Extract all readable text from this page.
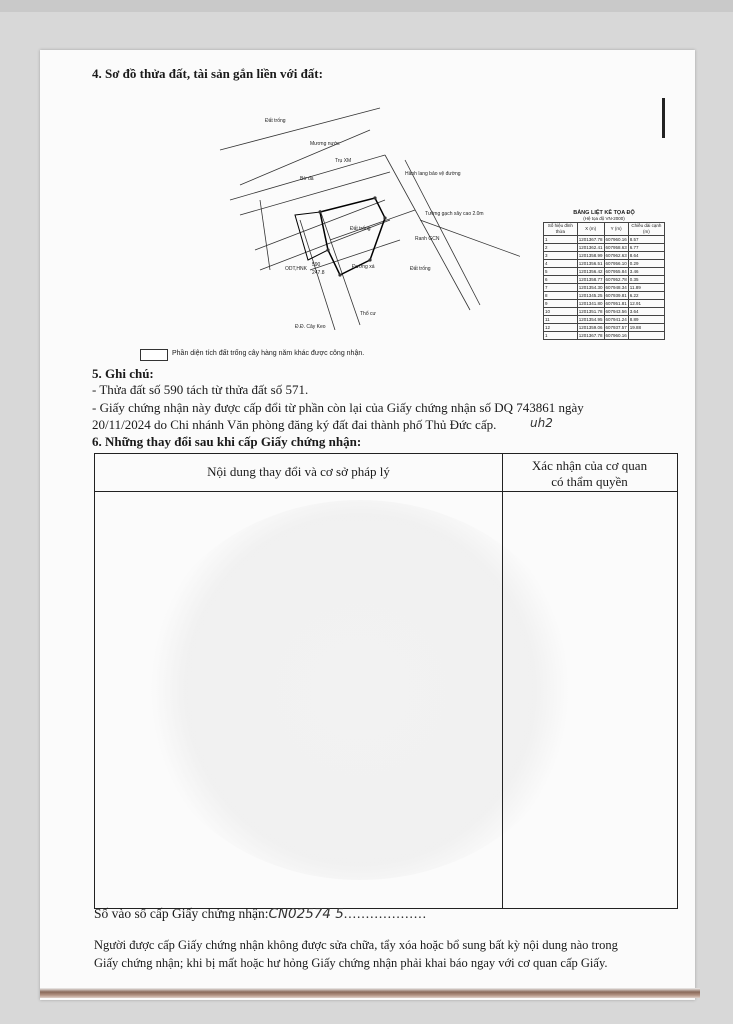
4. Sơ đồ thửa đất, tài sản gắn liền với đất:
Đất trống
Mương nước
Trụ XM
Bờ đá
Hành lang bảo vệ đường
Tường gạch xây cao 2.0m
ODT,HNK
590
247.8
Đường xá
Đ.Đ. Cây Keo
Thổ cư
Đất trống
Đất trống
Ranh GCN
BẢNG LIỆT KÊ TỌA ĐỘ
(Hệ tọa độ VN-2000)
Số hiệu đỉnh thửa	X (m)	Y (m)	Chiều dài cạnh (m)
1	1201367.78	607960.16	8.57
2	1201362.41	607958.63	6.77
3	1201358.99	607962.63	8.64
4	1201356.51	607956.10	0.29
5	1201356.42	607955.84	3.46
6	1201358.77	607952.78	0.35
7	1201354.30	607948.34	11.89
8	1201345.25	607939.81	6.22
9	1201341.80	607951.81	12.91
10	1201351.78	607943.56	3.64
11	1201354.95	607941.24	8.89
12	1201359.06	607937.57	19.88
1	1201367.78	607960.16	
Phần diện tích đất trống cây hàng năm khác được công nhận.
5. Ghi chú:
- Thửa đất số 590 tách từ thửa đất số 571.
- Giấy chứng nhận này được cấp đổi từ phần còn lại của Giấy chứng nhận số DQ 743861 ngày
20/11/2024 do Chi nhánh Văn phòng đăng ký đất đai thành phố Thủ Đức cấp.	uh2
6. Những thay đổi sau khi cấp Giấy chứng nhận:
Nội dung thay đổi và cơ sở pháp lý	Xác nhận của cơ quan
có thẩm quyền
Số vào sổ cấp Giấy chứng nhận:CN02574 5...................
Người được cấp Giấy chứng nhận không được sửa chữa, tẩy xóa hoặc bổ sung bất kỳ nội dung nào trong
Giấy chứng nhận; khi bị mất hoặc hư hỏng Giấy chứng nhận phải khai báo ngay với cơ quan cấp Giấy.
